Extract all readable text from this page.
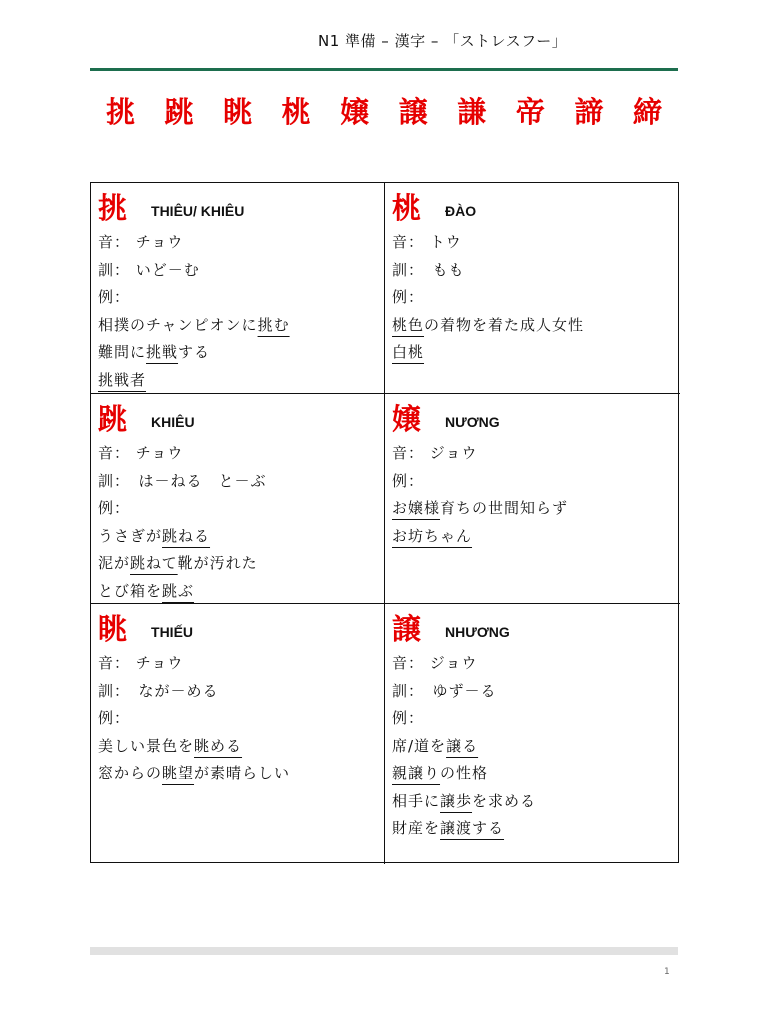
N1 準備 – 漢字 – 「ストレスフー」
挑 跳 眺 桃 嬢 譲 謙 帝 諦 締
挑 THIÊU/ KHIÊU
音： チョウ
訓： いど－む
例：
相撲のチャンピオンに挑む
難問に挑戦する
挑戦者
桃 ĐÀO
音： トウ
訓：　もも
例：
桃色の着物を着た成人女性
白桃
跳 KHIÊU
音： チョウ
訓：　は－ねる　と－ぶ
例：
うさぎが跳ねる
泥が跳ねて靴が汚れた
とび箱を跳ぶ
嬢 NƯƠNG
音： ジョウ
例：
お嬢様育ちの世間知らず
お坊ちゃん
眺 THIẾU
音： チョウ
訓：　なが－める
例：
美しい景色を眺める
窓からの眺望が素晴らしい
譲 NHƯƠNG
音： ジョウ
訓：　ゆず－る
例：
席/道を譲る
親譲りの性格
相手に譲歩を求める
財産を譲渡する
1
